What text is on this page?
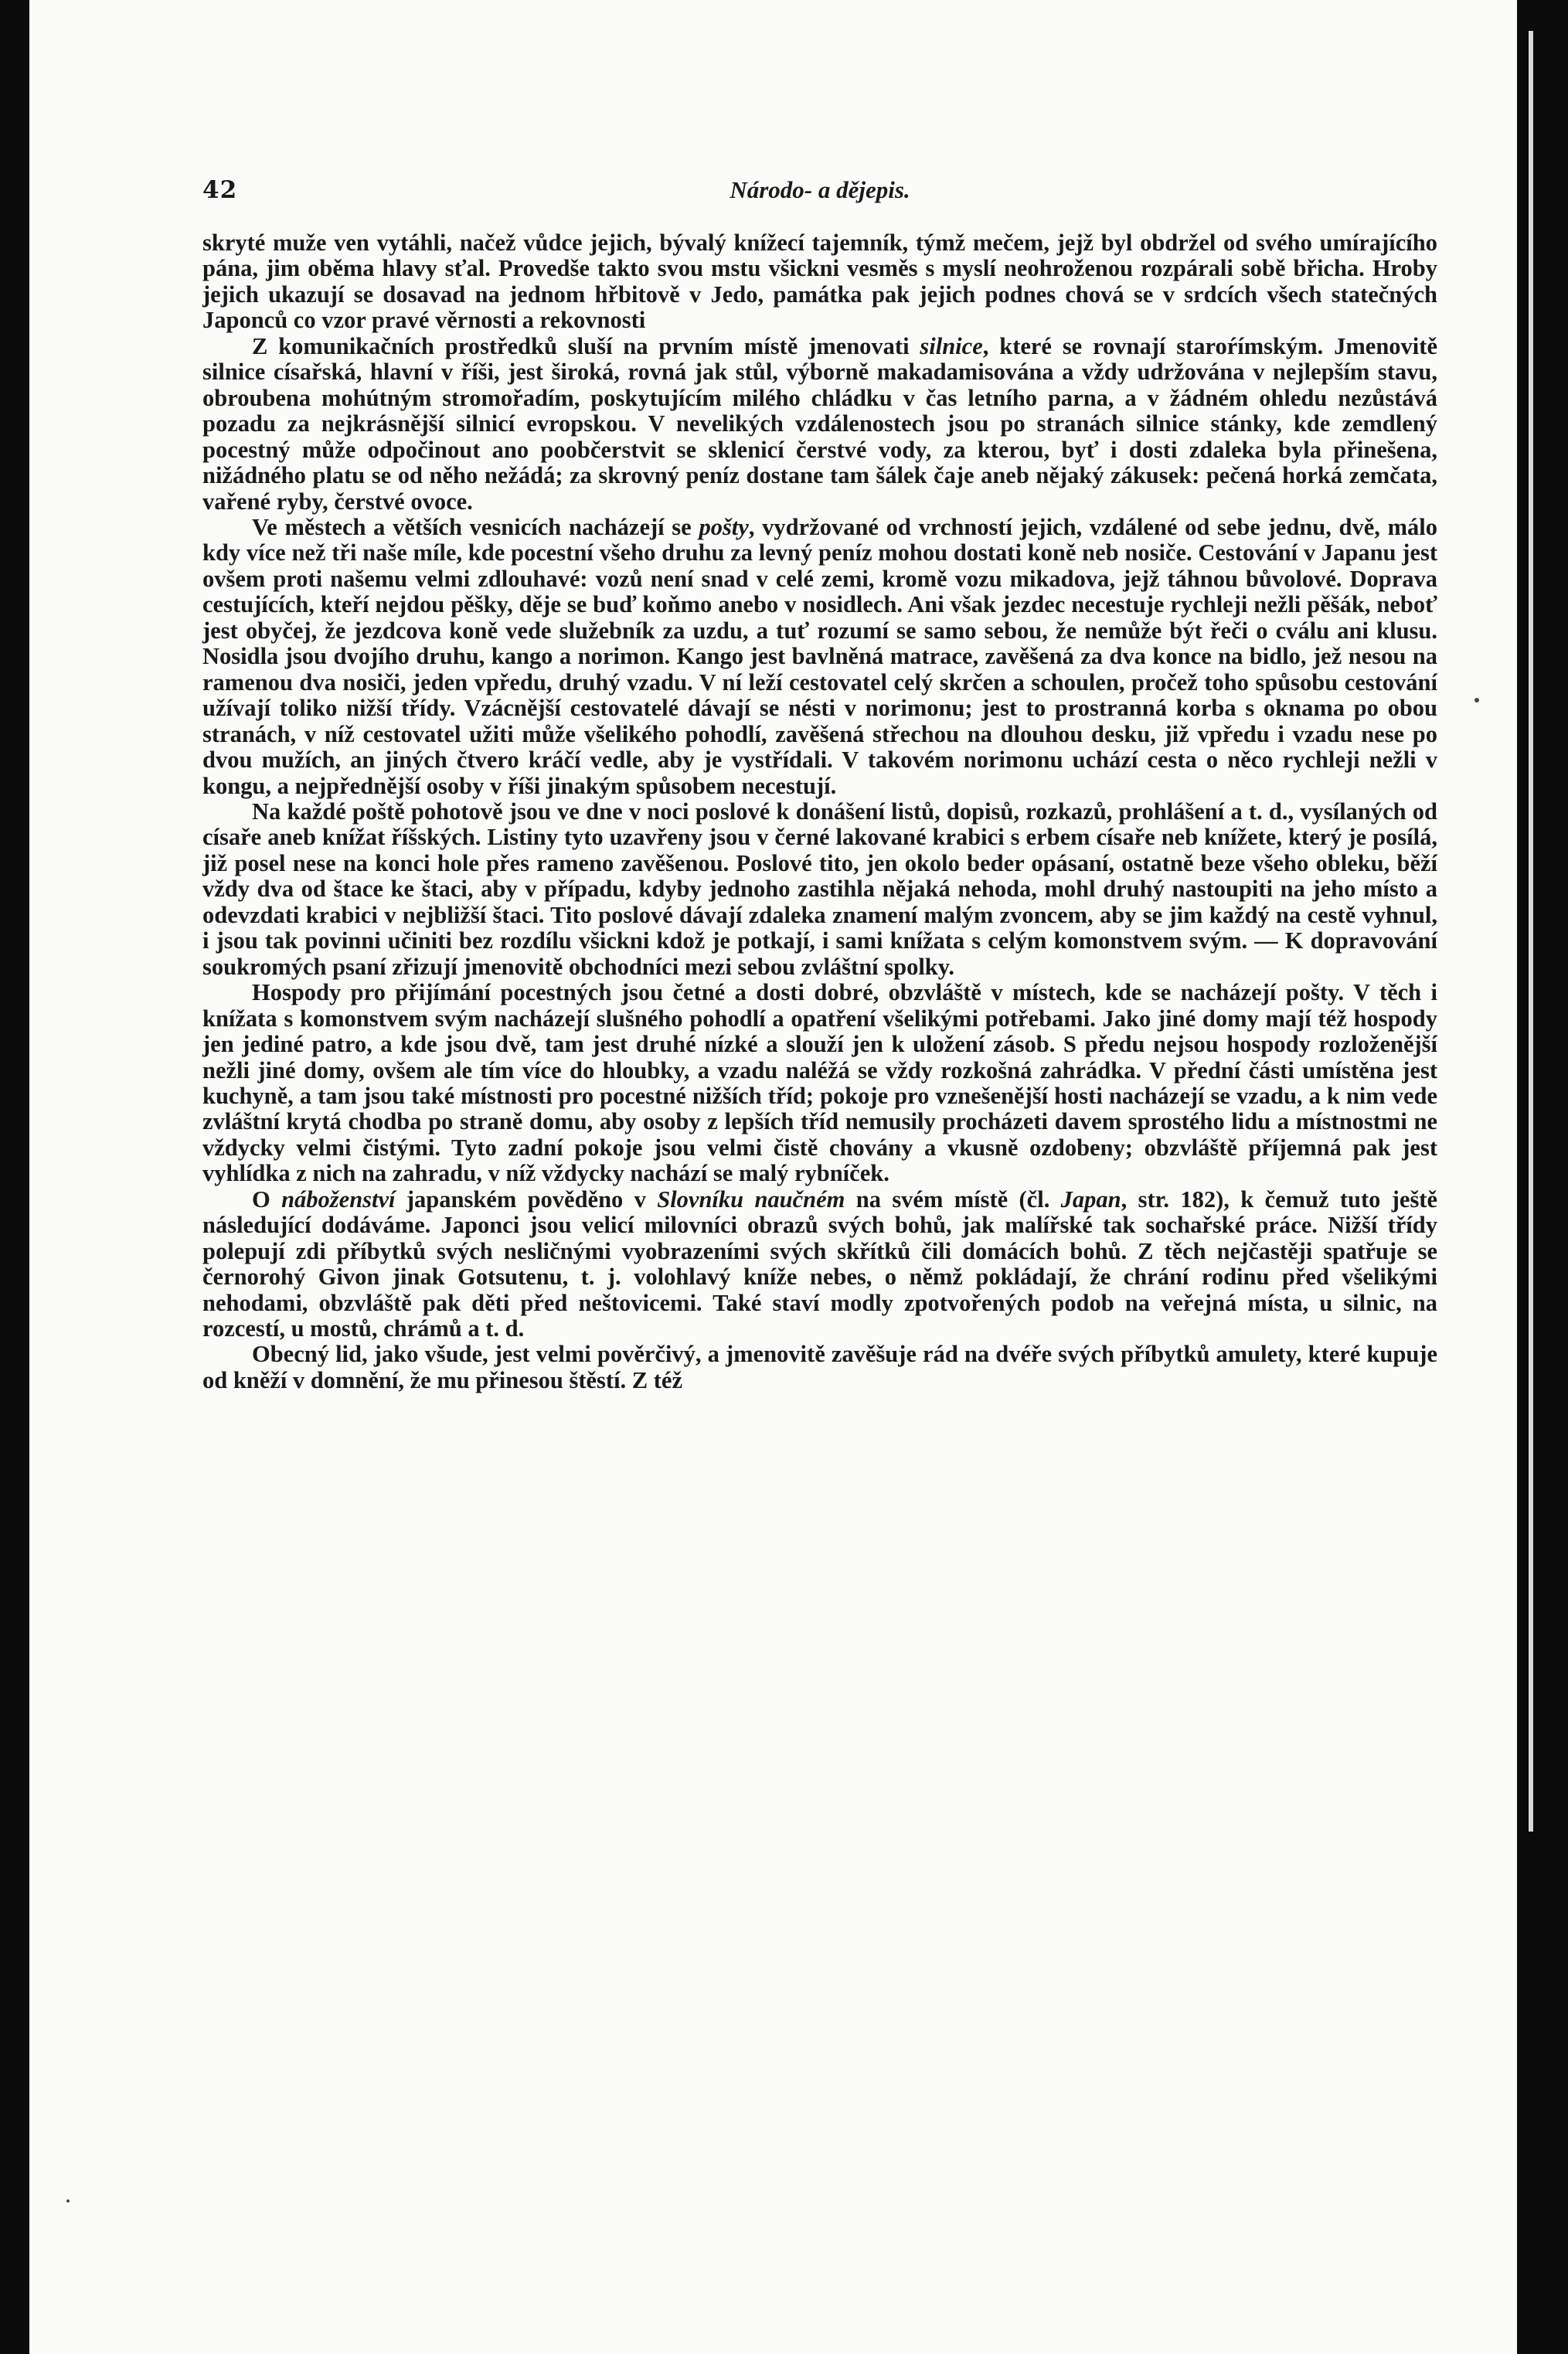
42	Národo- a dějepis.

skryté muže ven vytáhli, načež vůdce jejich, bývalý knížecí tajemník, týmž mečem, jejž byl obdržel od svého umírajícího pána, jim oběma hlavy sťal. Provedše takto svou mstu všickni vesměs s myslí neohroženou rozpárali sobě břicha. Hroby jejich ukazují se dosavad na jednom hřbitově v Jedo, památka pak jejich podnes chová se v srdcích všech statečných Japonců co vzor pravé věrnosti a rekovnosti

Z komunikačních prostředků sluší na prvním místě jmenovati silnice, které se rovnají staroŕímským. Jmenovitě silnice císařská, hlavní v říši, jest široká, rovná jak stůl, výborně makadamisována a vždy udržována v nejlepším stavu, obroubena mohútným stromořadím, poskytujícím milého chládku v čas letního parna, a v žádném ohledu nezůstává pozadu za nejkrásnější silnicí evropskou. V nevelikých vzdálenostech jsou po stranách silnice stánky, kde zemdlený pocestný může odpočinout ano poobčerstvit se sklenicí čerstvé vody, za kterou, byť i dosti zdaleka byla přinešena, nižádného platu se od něho nežádá; za skrovný peníz dostane tam šálek čaje aneb nějaký zákusek: pečená horká zemčata, vařené ryby, čerstvé ovoce.

Ve městech a větších vesnicích nacházejí se pošty, vydržované od vrchností jejich, vzdálené od sebe jednu, dvě, málo kdy více než tři naše míle, kde pocestní všeho druhu za levný peníz mohou dostati koně neb nosiče. Cestování v Japanu jest ovšem proti našemu velmi zdlouhavé: vozů není snad v celé zemi, kromě vozu mikadova, jejž táhnou bůvolové. Doprava cestujících, kteří nejdou pěšky, děje se buď koňmo anebo v nosidlech. Ani však jezdec necestuje rychleji nežli pěšák, neboť jest obyčej, že jezdcova koně vede služebník za uzdu, a tuť rozumí se samo sebou, že nemůže být řeči o cválu ani klusu. Nosidla jsou dvojího druhu, kango a norimon. Kango jest bavlněná matrace, zavěšená za dva konce na bidlo, jež nesou na ramenou dva nosiči, jeden vpředu, druhý vzadu. V ní leží cestovatel celý skrčen a schoulen, pročež toho spůsobu cestování užívají toliko nižší třídy. Vzácnější cestovatelé dávají se nésti v norimonu; jest to prostranná korba s oknama po obou stranách, v níž cestovatel užiti může všelikého pohodlí, zavěšená střechou na dlouhou desku, již vpředu i vzadu nese po dvou mužích, an jiných čtvero kráčí vedle, aby je vystřídali. V takovém norimonu uchází cesta o něco rychleji nežli v kongu, a nejpřednější osoby v říši jinakým spůsobem necestují.

Na každé poště pohotově jsou ve dne v noci poslové k donášení listů, dopisů, rozkazů, prohlášení a t. d., vysílaných od císaře aneb knížat říšských. Listiny tyto uzavřeny jsou v černé lakované krabici s erbem císaře neb knížete, který je posílá, již posel nese na konci hole přes rameno zavěšenou. Poslové tito, jen okolo beder opásaní, ostatně beze všeho obleku, běží vždy dva od štace ke štaci, aby v případu, kdyby jednoho zastihla nějaká nehoda, mohl druhý nastoupiti na jeho místo a odevzdati krabici v nejbližší štaci. Tito poslové dávají zdaleka znamení malým zvoncem, aby se jim každý na cestě vyhnul, i jsou tak povinni učiniti bez rozdílu všickni kdož je potkají, i sami knížata s celým komonstvem svým. — K dopravování soukromých psaní zřizují jmenovitě obchodníci mezi sebou zvláštní spolky.

Hospody pro přijímání pocestných jsou četné a dosti dobré, obzvláště v místech, kde se nacházejí pošty. V těch i knížata s komonstvem svým nacházejí slušného pohodlí a opatření všelikými potřebami. Jako jiné domy mají též hospody jen jediné patro, a kde jsou dvě, tam jest druhé nízké a slouží jen k uložení zásob. S předu nejsou hospody rozloženější nežli jiné domy, ovšem ale tím více do hloubky, a vzadu naléžá se vždy rozkošná zahrádka. V přední části umístěna jest kuchyně, a tam jsou také místnosti pro pocestné nižších tříd; pokoje pro vznešenější hosti nacházejí se vzadu, a k nim vede zvláštní krytá chodba po straně domu, aby osoby z lepších tříd nemusily procházeti davem sprostého lidu a místnostmi ne vždycky velmi čistými. Tyto zadní pokoje jsou velmi čistě chovány a vkusně ozdobeny; obzvláště příjemná pak jest vyhlídka z nich na zahradu, v níž vždycky nachází se malý rybníček.

O náboženství japanském pověděno v Slovníku naučném na svém místě (čl. Japan, str. 182), k čemuž tuto ještě následující dodáváme. Japonci jsou velicí milovníci obrazů svých bohů, jak malířské tak sochařské práce. Nižší třídy polepují zdi příbytků svých nesličnými vyobrazeními svých skřítků čili domácích bohů. Z těch nejčastěji spatřuje se černorohý Givon jinak Gotsutenu, t. j. volohlavý kníže nebes, o němž pokládají, že chrání rodinu před všelikými nehodami, obzvláště pak děti před neštovicemi. Také staví modly zpotvořených podob na veřejná místa, u silnic, na rozcestí, u mostů, chrámů a t. d.

Obecný lid, jako všude, jest velmi pověrčivý, a jmenovitě zavěšuje rád na dvéře svých příbytků amulety, které kupuje od kněží v domnění, že mu přinesou štěstí. Z též
